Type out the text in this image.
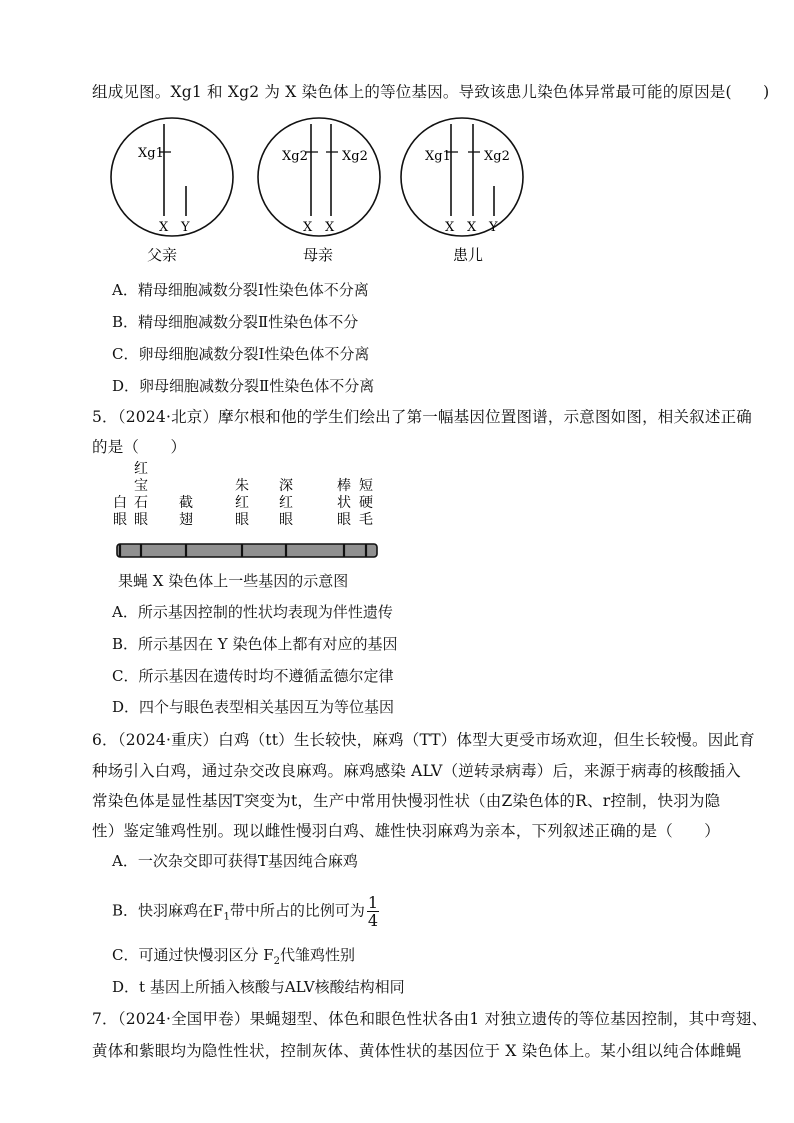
组成见图。Xg1 和 Xg2 为 X 染色体上的等位基因。导致该患儿染色体异常最可能的原因是(　　)
Xg1
X Y
Xg2	Xg2
X X
Xg1	Xg2
X X Y
父亲	母亲	患儿
A．精母细胞减数分裂Ⅰ性染色体不分离
B．精母细胞减数分裂Ⅱ性染色体不分
C．卵母细胞减数分裂Ⅰ性染色体不分离
D．卵母细胞减数分裂Ⅱ性染色体不分离
5．（2024·北京）摩尔根和他的学生们绘出了第一幅基因位置图谱，示意图如图，相关叙述正确
的是（　　）
白眼
红宝石眼
截翅
朱红眼
深红眼
棒状眼
短硬毛
果蝇 X 染色体上一些基因的示意图
A．所示基因控制的性状均表现为伴性遗传
B．所示基因在 Y 染色体上都有对应的基因
C．所示基因在遗传时均不遵循孟德尔定律
D．四个与眼色表型相关基因互为等位基因
6．（2024·重庆）白鸡（tt）生长较快，麻鸡（TT）体型大更受市场欢迎，但生长较慢。因此育
种场引入白鸡，通过杂交改良麻鸡。麻鸡感染 ALV（逆转录病毒）后，来源于病毒的核酸插入
常染色体是显性基因T突变为t，生产中常用快慢羽性状（由Z染色体的R、r控制，快羽为隐
性）鉴定雏鸡性别。现以雌性慢羽白鸡、雄性快羽麻鸡为亲本，下列叙述正确的是（　　）
A．一次杂交即可获得T基因纯合麻鸡
B．快羽麻鸡在$F_1$带中所占的比例可为 $\frac{1}{4}$
C．可通过快慢羽区分 $F_2$代雏鸡性别
D．t 基因上所插入核酸与ALV核酸结构相同
7．（2024·全国甲卷）果蝇翅型、体色和眼色性状各由1 对独立遗传的等位基因控制，其中弯翅、
黄体和紫眼均为隐性性状，控制灰体、黄体性状的基因位于 X 染色体上。某小组以纯合体雌蝇
